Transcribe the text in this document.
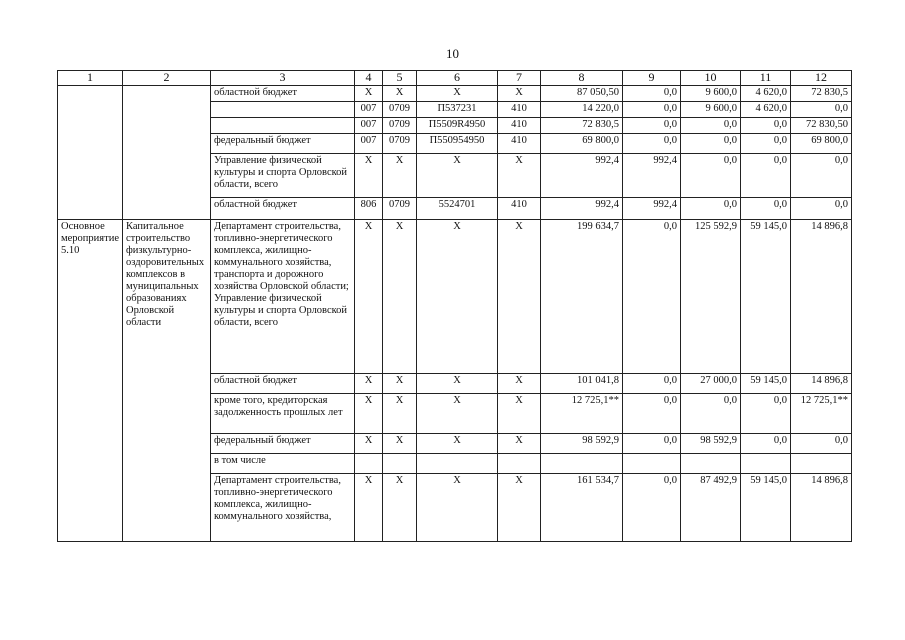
10
1	2	3	4	5	6	7	8	9	10	11	12
		областной бюджет	Х	Х	Х	Х	87 050,50	0,0	9 600,0	4 620,0	72 830,5
			007	0709	П537231	410	14 220,0	0,0	9 600,0	4 620,0	0,0
			007	0709	П5509R4950	410	72 830,5	0,0	0,0	0,0	72 830,50
		федеральный бюджет	007	0709	П550954950	410	69 800,0	0,0	0,0	0,0	69 800,0
		Управление физической культуры и спорта Орловской области, всего	Х	Х	Х	Х	992,4	992,4	0,0	0,0	0,0
		областной бюджет	806	0709	5524701	410	992,4	992,4	0,0	0,0	0,0
Основное мероприятие 5.10	Капитальное строительство физкультурно-оздоровительных комплексов в муниципальных образованиях Орловской области	Департамент строительства, топливно-энергетического комплекса, жилищно-коммунального хозяйства, транспорта и дорожного хозяйства Орловской области; Управление физической культуры и спорта Орловской области, всего	Х	Х	Х	Х	199 634,7	0,0	125 592,9	59 145,0	14 896,8
		областной бюджет	Х	Х	Х	Х	101 041,8	0,0	27 000,0	59 145,0	14 896,8
		кроме того, кредиторская задолженность прошлых лет	Х	Х	Х	Х	12 725,1**	0,0	0,0	0,0	12 725,1**
		федеральный бюджет	Х	Х	Х	Х	98 592,9	0,0	98 592,9	0,0	0,0
		в том числе									
		Департамент строительства, топливно-энергетического комплекса, жилищно-коммунального хозяйства,	Х	Х	Х	Х	161 534,7	0,0	87 492,9	59 145,0	14 896,8
